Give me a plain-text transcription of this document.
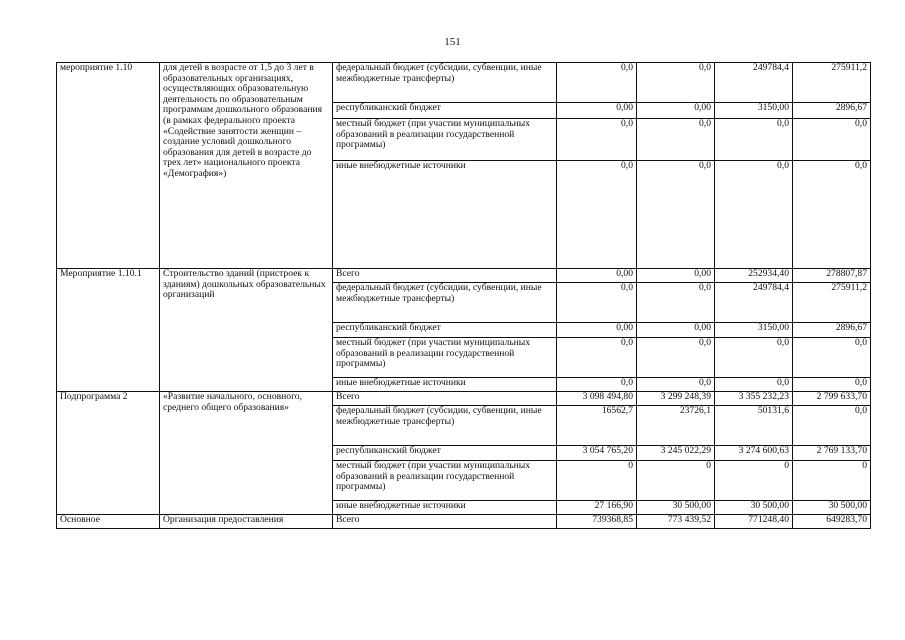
151
мероприятие 1.10	для детей в возрасте от 1,5 до 3 лет в образовательных организациях, осуществляющих образовательную деятельность по образовательным программам дошкольного образования (в рамках федерального проекта «Содействие занятости женщин – создание условий дошкольного образования для детей в возрасте до трех лет» национального проекта «Демография»)	федеральный бюджет (субсидии, субвенции, иные межбюджетные трансферты)	0,0	0,0	249784,4	275911,2
		республиканский бюджет	0,00	0,00	3150,00	2896,67
		местный бюджет (при участии муниципальных образований в реализации государственной программы)	0,0	0,0	0,0	0,0
		иные внебюджетные источники	0,0	0,0	0,0	0,0
Мероприятие 1.10.1	Строительство зданий (пристроек к зданиям) дошкольных образовательных организаций	Всего	0,00	0,00	252934,40	278807,87
		федеральный бюджет (субсидии, субвенции, иные межбюджетные трансферты)	0,0	0,0	249784,4	275911,2
		республиканский бюджет	0,00	0,00	3150,00	2896,67
		местный бюджет (при участии муниципальных образований в реализации государственной программы)	0,0	0,0	0,0	0,0
		иные внебюджетные источники	0,0	0,0	0,0	0,0
Подпрограмма 2	«Развитие начального, основного, среднего общего образования»	Всего	3 098 494,80	3 299 248,39	3 355 232,23	2 799 633,70
		федеральный бюджет (субсидии, субвенции, иные межбюджетные трансферты)	16562,7	23726,1	50131,6	0,0
		республиканский бюджет	3 054 765,20	3 245 022,29	3 274 600,63	2 769 133,70
		местный бюджет (при участии муниципальных образований в реализации государственной программы)	0	0	0	0
		иные внебюджетные источники	27 166,90	30 500,00	30 500,00	30 500,00
Основное	Организация предоставления	Всего	739368,85	773 439,52	771248,40	649283,70
